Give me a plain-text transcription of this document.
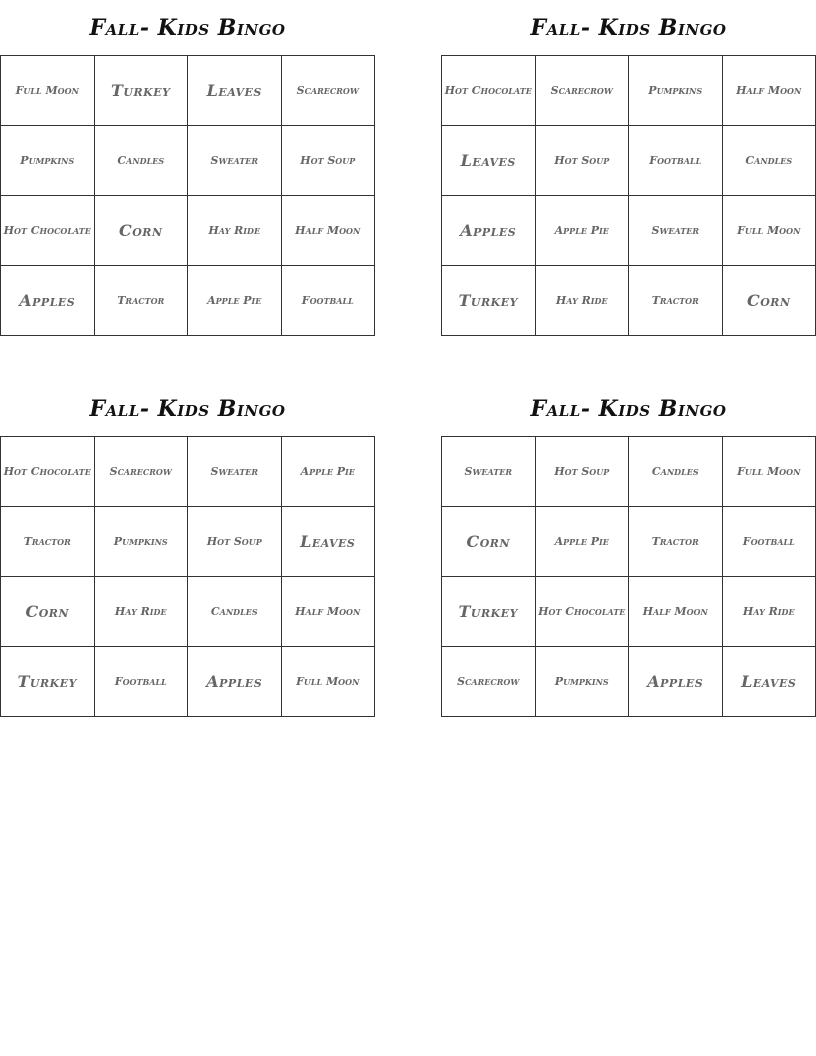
Fall- Kids Bingo
Full Moon	Turkey	Leaves	Scarecrow
Pumpkins	Candles	Sweater	Hot Soup
Hot Chocolate	Corn	Hay Ride	Half Moon
Apples	Tractor	Apple Pie	Football
Fall- Kids Bingo
Hot Chocolate	Scarecrow	Pumpkins	Half Moon
Leaves	Hot Soup	Football	Candles
Apples	Apple Pie	Sweater	Full Moon
Turkey	Hay Ride	Tractor	Corn
Fall- Kids Bingo
Hot Chocolate	Scarecrow	Sweater	Apple Pie
Tractor	Pumpkins	Hot Soup	Leaves
Corn	Hay Ride	Candles	Half Moon
Turkey	Football	Apples	Full Moon
Fall- Kids Bingo
Sweater	Hot Soup	Candles	Full Moon
Corn	Apple Pie	Tractor	Football
Turkey	Hot Chocolate	Half Moon	Hay Ride
Scarecrow	Pumpkins	Apples	Leaves
